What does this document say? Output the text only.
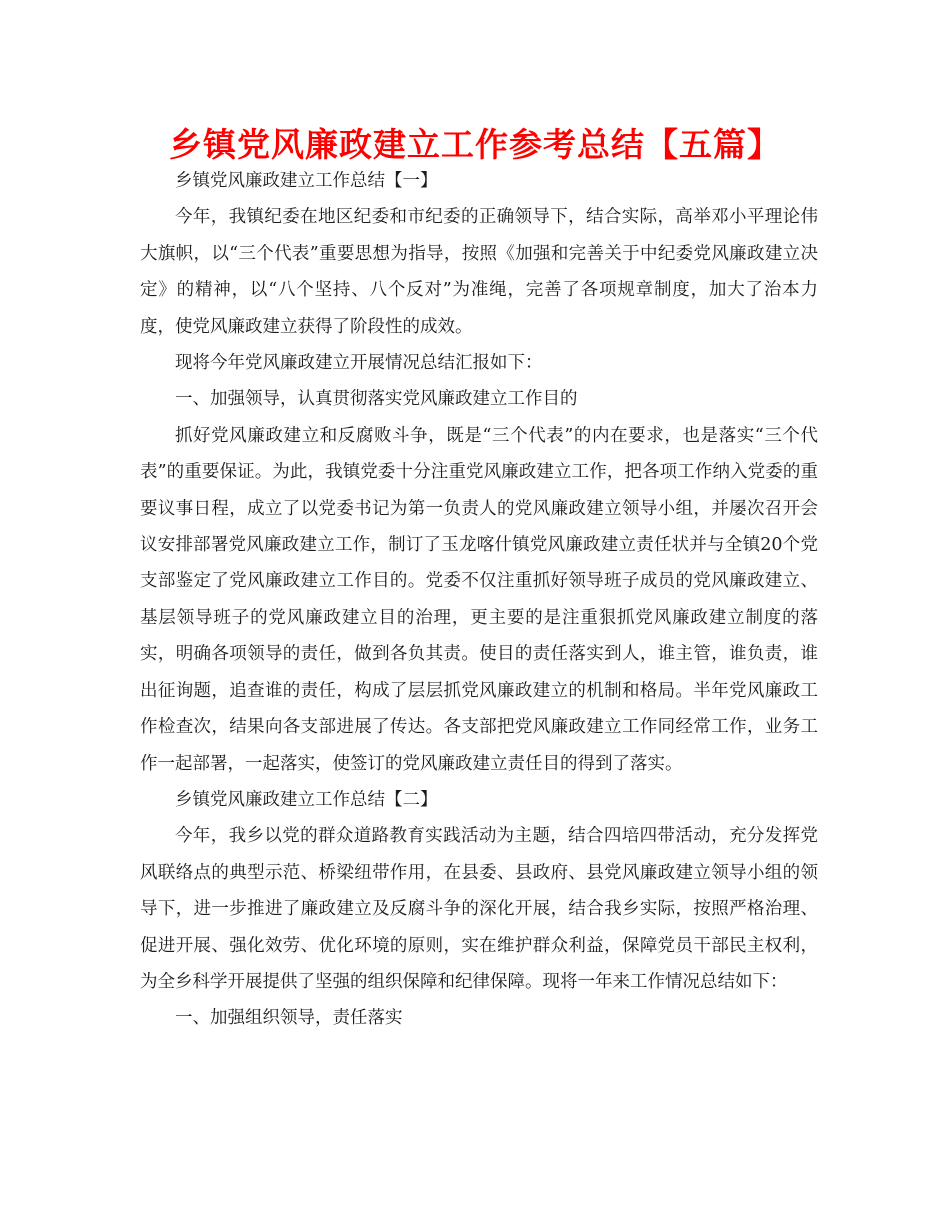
乡镇党风廉政建立工作参考总结【五篇】

乡镇党风廉政建立工作总结【一】

今年，我镇纪委在地区纪委和市纪委的正确领导下，结合实际，高举邓小平理论伟大旗帜，以“三个代表”重要思想为指导，按照《加强和完善关于中纪委党风廉政建立决定》的精神，以“八个坚持、八个反对”为准绳，完善了各项规章制度，加大了治本力度，使党风廉政建立获得了阶段性的成效。

现将今年党风廉政建立开展情况总结汇报如下：

一、加强领导，认真贯彻落实党风廉政建立工作目的

抓好党风廉政建立和反腐败斗争，既是“三个代表”的内在要求，也是落实“三个代表”的重要保证。为此，我镇党委十分注重党风廉政建立工作，把各项工作纳入党委的重要议事日程，成立了以党委书记为第一负责人的党风廉政建立领导小组，并屡次召开会议安排部署党风廉政建立工作，制订了玉龙喀什镇党风廉政建立责任状并与全镇20个党支部鉴定了党风廉政建立工作目的。党委不仅注重抓好领导班子成员的党风廉政建立、基层领导班子的党风廉政建立目的治理，更主要的是注重狠抓党风廉政建立制度的落实，明确各项领导的责任，做到各负其责。使目的责任落实到人，谁主管，谁负责，谁出征询题，追查谁的责任，构成了层层抓党风廉政建立的机制和格局。半年党风廉政工作检查次，结果向各支部进展了传达。各支部把党风廉政建立工作同经常工作，业务工作一起部署，一起落实，使签订的党风廉政建立责任目的得到了落实。

乡镇党风廉政建立工作总结【二】

今年，我乡以党的群众道路教育实践活动为主题，结合四培四带活动，充分发挥党风联络点的典型示范、桥梁纽带作用，在县委、县政府、县党风廉政建立领导小组的领导下，进一步推进了廉政建立及反腐斗争的深化开展，结合我乡实际，按照严格治理、促进开展、强化效劳、优化环境的原则，实在维护群众利益，保障党员干部民主权利，为全乡科学开展提供了坚强的组织保障和纪律保障。现将一年来工作情况总结如下：

一、加强组织领导，责任落实
